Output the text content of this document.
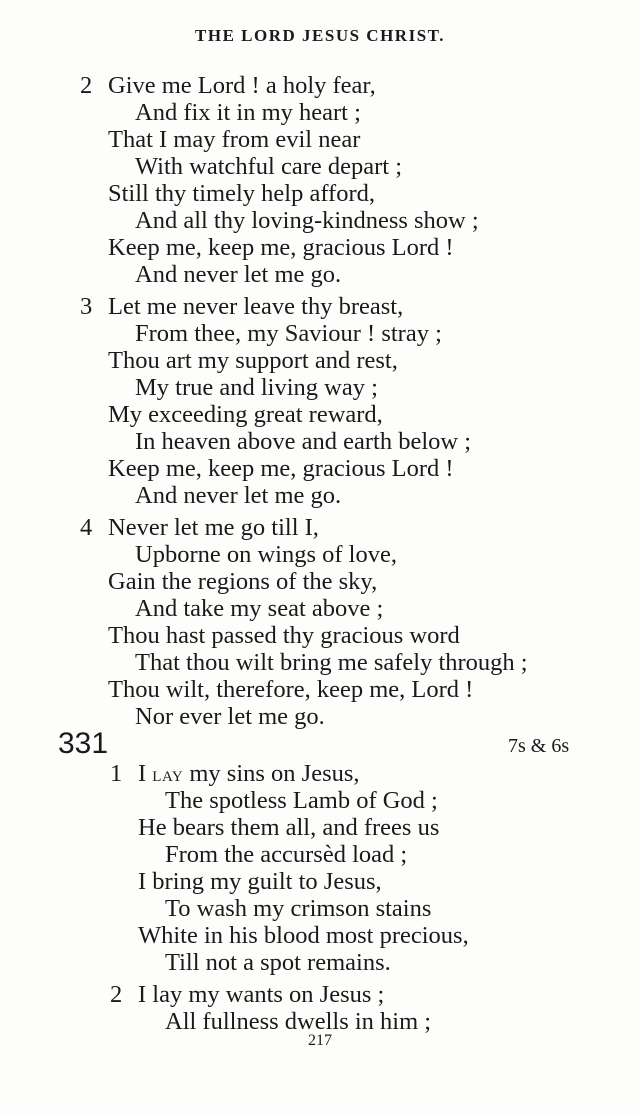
THE LORD JESUS CHRIST.
2 Give me Lord ! a holy fear,
And fix it in my heart ;
That I may from evil near
With watchful care depart ;
Still thy timely help afford,
And all thy loving-kindness show ;
Keep me, keep me, gracious Lord !
And never let me go.
3 Let me never leave thy breast,
From thee, my Saviour ! stray ;
Thou art my support and rest,
My true and living way ;
My exceeding great reward,
In heaven above and earth below ;
Keep me, keep me, gracious Lord !
And never let me go.
4 Never let me go till I,
Upborne on wings of love,
Gain the regions of the sky,
And take my seat above ;
Thou hast passed thy gracious word
That thou wilt bring me safely through ;
Thou wilt, therefore, keep me, Lord !
Nor ever let me go.
331	7s & 6s
1 I lay my sins on Jesus,
The spotless Lamb of God ;
He bears them all, and frees us
From the accursèd load ;
I bring my guilt to Jesus,
To wash my crimson stains
White in his blood most precious,
Till not a spot remains.
2 I lay my wants on Jesus ;
All fullness dwells in him ;
217
